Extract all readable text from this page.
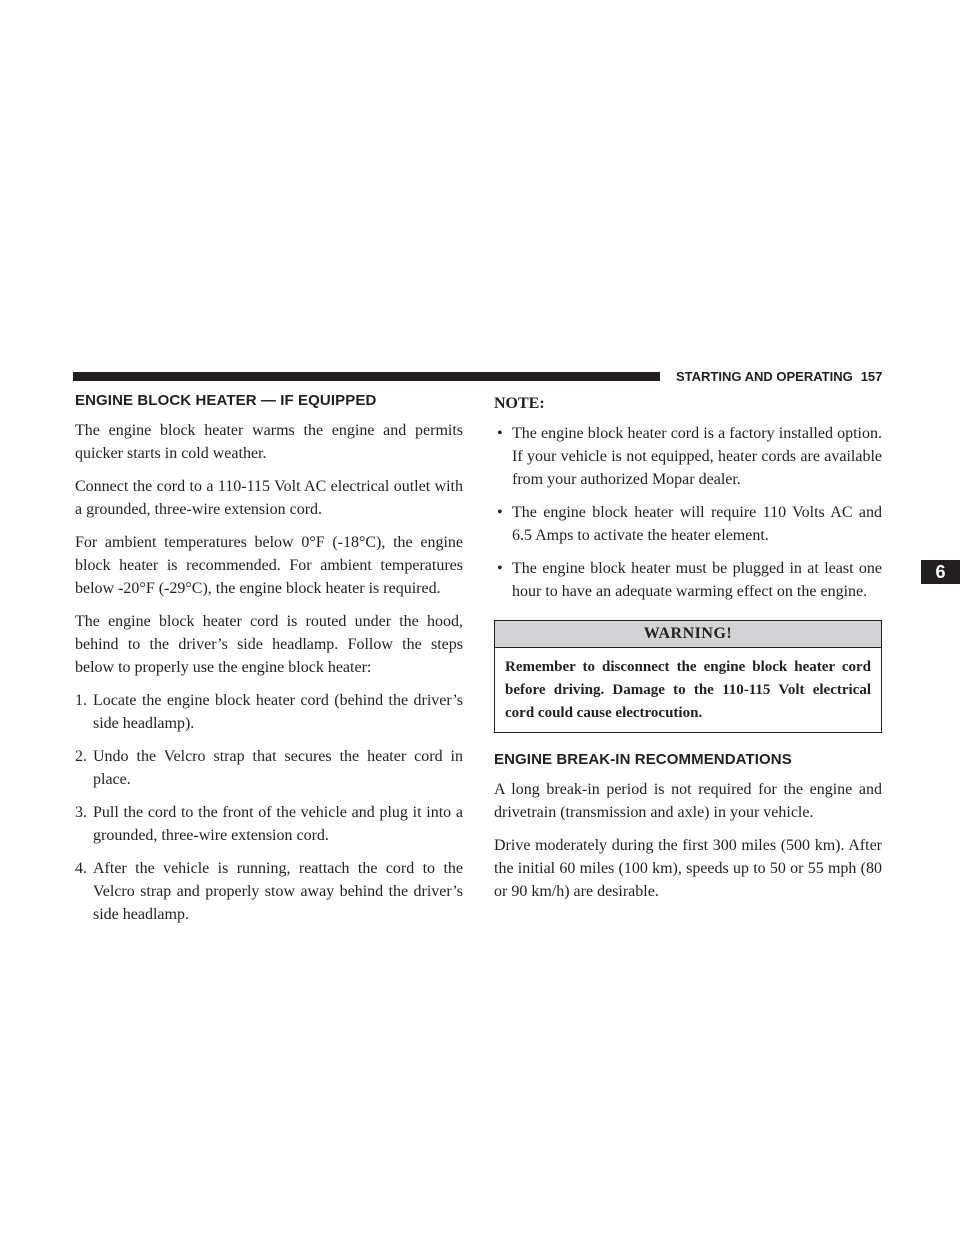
STARTING AND OPERATING 157
6
ENGINE BLOCK HEATER — IF EQUIPPED

The engine block heater warms the engine and permits quicker starts in cold weather.

Connect the cord to a 110-115 Volt AC electrical outlet with a grounded, three-wire extension cord.

For ambient temperatures below 0°F (-18°C), the engine block heater is recommended. For ambient temperatures below -20°F (-29°C), the engine block heater is required.

The engine block heater cord is routed under the hood, behind to the driver’s side headlamp. Follow the steps below to properly use the engine block heater:

1. Locate the engine block heater cord (behind the driver’s side headlamp).
2. Undo the Velcro strap that secures the heater cord in place.
3. Pull the cord to the front of the vehicle and plug it into a grounded, three-wire extension cord.
4. After the vehicle is running, reattach the cord to the Velcro strap and properly stow away behind the driver’s side headlamp.

NOTE:

• The engine block heater cord is a factory installed option. If your vehicle is not equipped, heater cords are available from your authorized Mopar dealer.
• The engine block heater will require 110 Volts AC and 6.5 Amps to activate the heater element.
• The engine block heater must be plugged in at least one hour to have an adequate warming effect on the engine.
WARNING!
Remember to disconnect the engine block heater cord before driving. Damage to the 110-115 Volt electrical cord could cause electrocution.
ENGINE BREAK-IN RECOMMENDATIONS

A long break-in period is not required for the engine and drivetrain (transmission and axle) in your vehicle.

Drive moderately during the first 300 miles (500 km). After the initial 60 miles (100 km), speeds up to 50 or 55 mph (80 or 90 km/h) are desirable.
